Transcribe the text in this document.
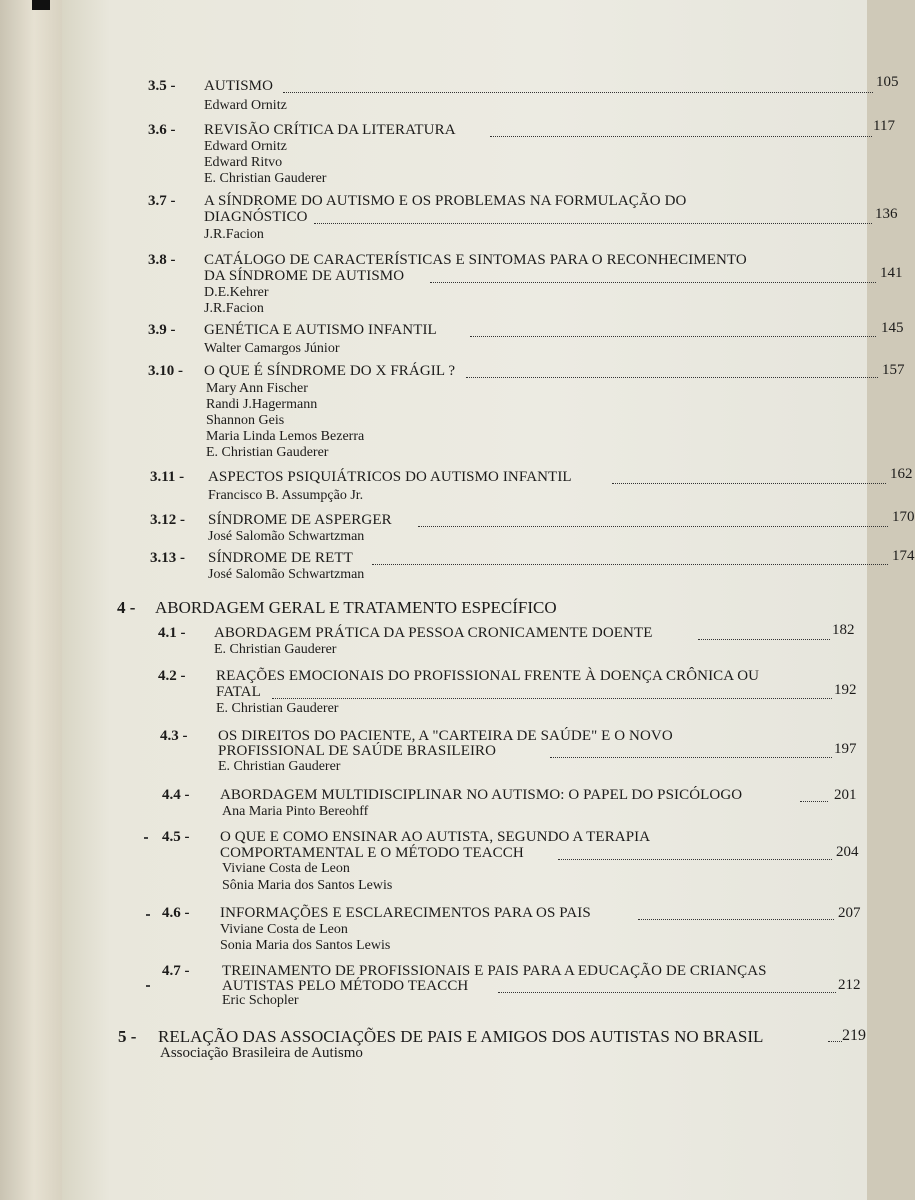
3.5 - AUTISMO	105
Edward Ornitz
3.6 - REVISÃO CRÍTICA DA LITERATURA	117
Edward Ornitz
Edward Ritvo
E. Christian Gauderer
3.7 - A SÍNDROME DO AUTISMO E OS PROBLEMAS NA FORMULAÇÃO DO
DIAGNÓSTICO	136
J.R.Facion
3.8 - CATÁLOGO DE CARACTERÍSTICAS E SINTOMAS PARA O RECONHECIMENTO
DA SÍNDROME DE AUTISMO	141
D.E.Kehrer
J.R.Facion
3.9 - GENÉTICA E AUTISMO INFANTIL	145
Walter Camargos Júnior
3.10 - O QUE É SÍNDROME DO X FRÁGIL ?	157
Mary Ann Fischer
Randi J.Hagermann
Shannon Geis
Maria Linda Lemos Bezerra
E. Christian Gauderer
3.11 - ASPECTOS PSIQUIÁTRICOS DO AUTISMO INFANTIL	162
Francisco B. Assumpção Jr.
3.12 - SÍNDROME DE ASPERGER	170
José Salomão Schwartzman
3.13 - SÍNDROME DE RETT	174
José Salomão Schwartzman
4 - ABORDAGEM GERAL E TRATAMENTO ESPECÍFICO
4.1 - ABORDAGEM PRÁTICA DA PESSOA CRONICAMENTE DOENTE	182
E. Christian Gauderer
4.2 - REAÇÕES EMOCIONAIS DO PROFISSIONAL FRENTE À DOENÇA CRÔNICA OU
FATAL	192
E. Christian Gauderer
4.3 - OS DIREITOS DO PACIENTE, A "CARTEIRA DE SAÚDE" E O NOVO
PROFISSIONAL DE SAÚDE BRASILEIRO	197
E. Christian Gauderer
4.4 - ABORDAGEM MULTIDISCIPLINAR NO AUTISMO: O PAPEL DO PSICÓLOGO	201
Ana Maria Pinto Bereohff
4.5 - O QUE E COMO ENSINAR AO AUTISTA, SEGUNDO A TERAPIA
COMPORTAMENTAL E O MÉTODO TEACCH	204
Viviane Costa de Leon
Sônia Maria dos Santos Lewis
4.6 - INFORMAÇÕES E ESCLARECIMENTOS PARA OS PAIS	207
Viviane Costa de Leon
Sonia Maria dos Santos Lewis
4.7 - TREINAMENTO DE PROFISSIONAIS E PAIS PARA A EDUCAÇÃO DE CRIANÇAS
AUTISTAS PELO MÉTODO TEACCH	212
Eric Schopler
5 - RELAÇÃO DAS ASSOCIAÇÕES DE PAIS E AMIGOS DOS AUTISTAS NO BRASIL	219
Associação Brasileira de Autismo
